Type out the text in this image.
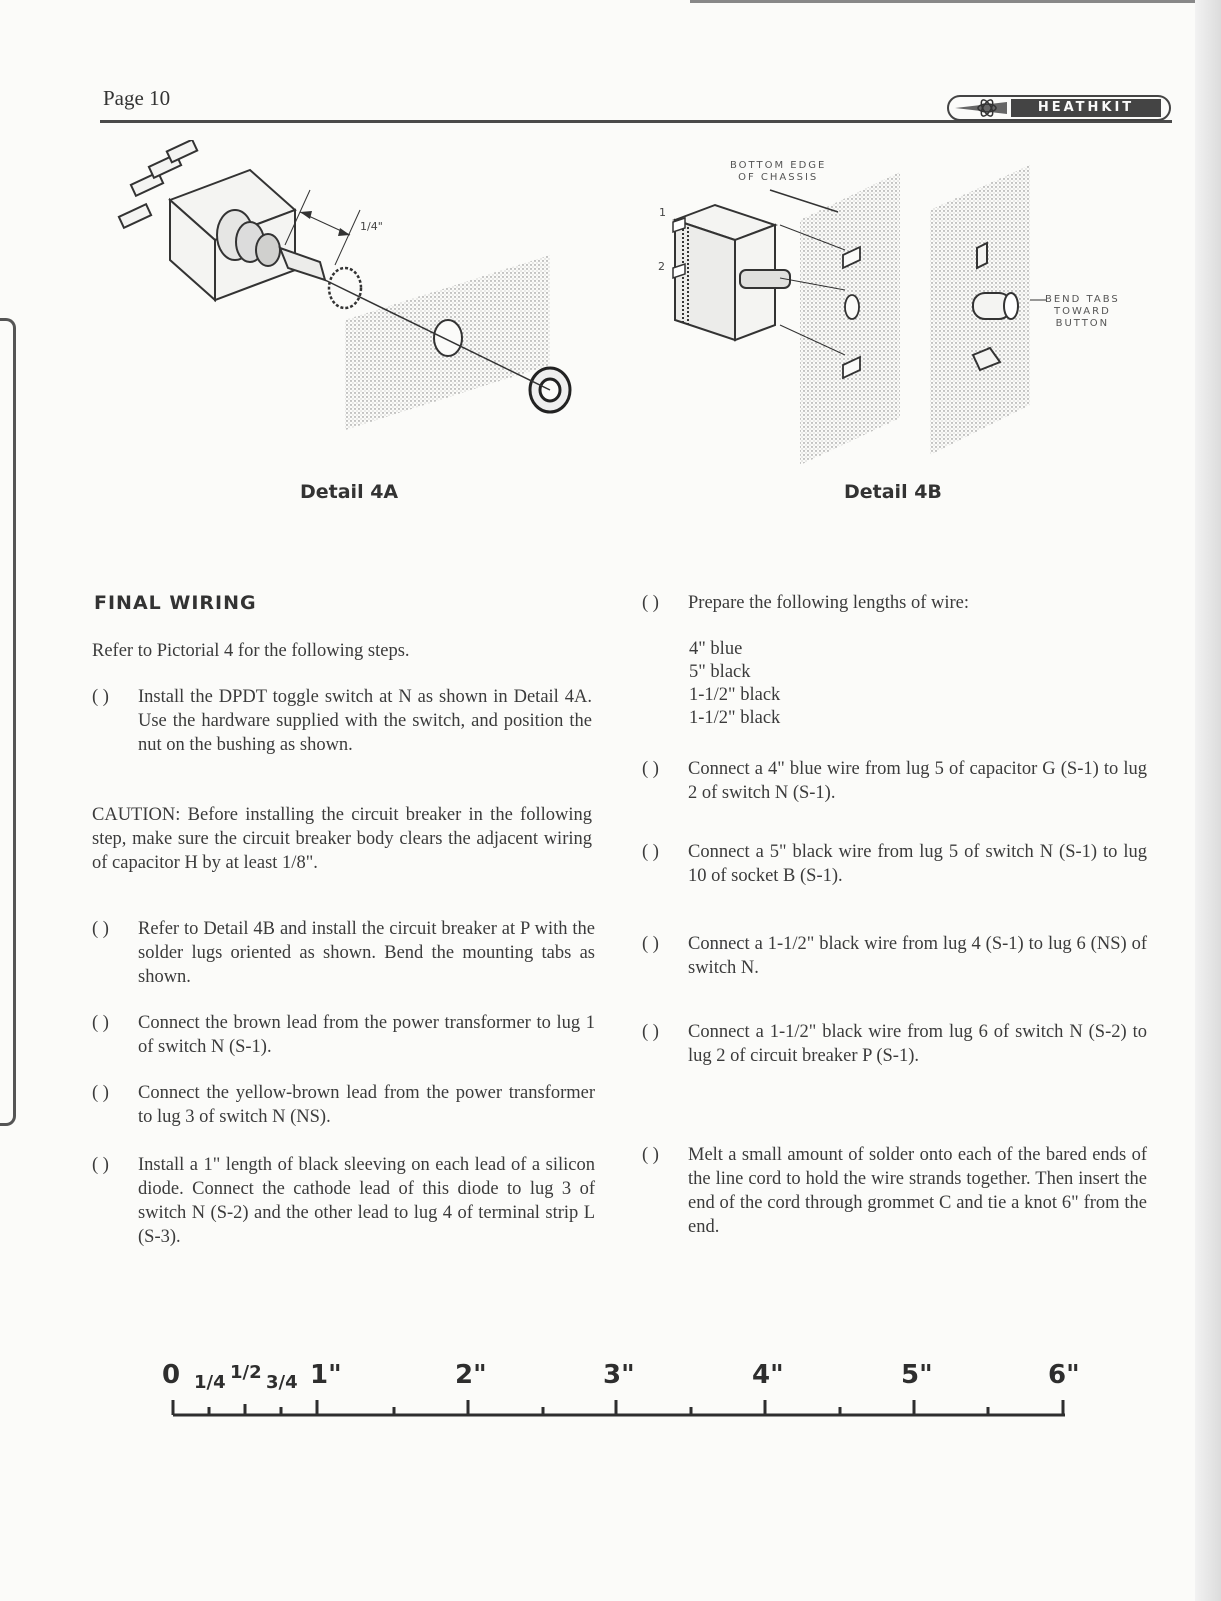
Page 10	HEATHKIT
1/4"
Detail 4A
1
2
BOTTOM EDGE
OF CHASSIS
BEND TABS
TOWARD
BUTTON
Detail 4B
FINAL WIRING
Refer to Pictorial 4 for the following steps.
( ) Install the DPDT toggle switch at N as shown in Detail 4A. Use the hardware supplied with the switch, and position the nut on the bushing as shown.
CAUTION: Before installing the circuit breaker in the following step, make sure the circuit breaker body clears the adjacent wiring of capacitor H by at least 1/8".
( ) Refer to Detail 4B and install the circuit breaker at P with the solder lugs oriented as shown. Bend the mounting tabs as shown.
( ) Connect the brown lead from the power transformer to lug 1 of switch N (S-1).
( ) Connect the yellow-brown lead from the power transformer to lug 3 of switch N (NS).
( ) Install a 1" length of black sleeving on each lead of a silicon diode. Connect the cathode lead of this diode to lug 3 of switch N (S-2) and the other lead to lug 4 of terminal strip L (S-3).
( ) Prepare the following lengths of wire:
4" blue
5" black
1-1/2" black
1-1/2" black
( ) Connect a 4" blue wire from lug 5 of capacitor G (S-1) to lug 2 of switch N (S-1).
( ) Connect a 5" black wire from lug 5 of switch N (S-1) to lug 10 of socket B (S-1).
( ) Connect a 1-1/2" black wire from lug 4 (S-1) to lug 6 (NS) of switch N.
( ) Connect a 1-1/2" black wire from lug 6 of switch N (S-2) to lug 2 of circuit breaker P (S-1).
( ) Melt a small amount of solder onto each of the bared ends of the line cord to hold the wire strands together. Then insert the end of the cord through grommet C and tie a knot 6" from the end.
0 1/4 1/2 3/4 1"	2"	3"	4"	5"	6"
